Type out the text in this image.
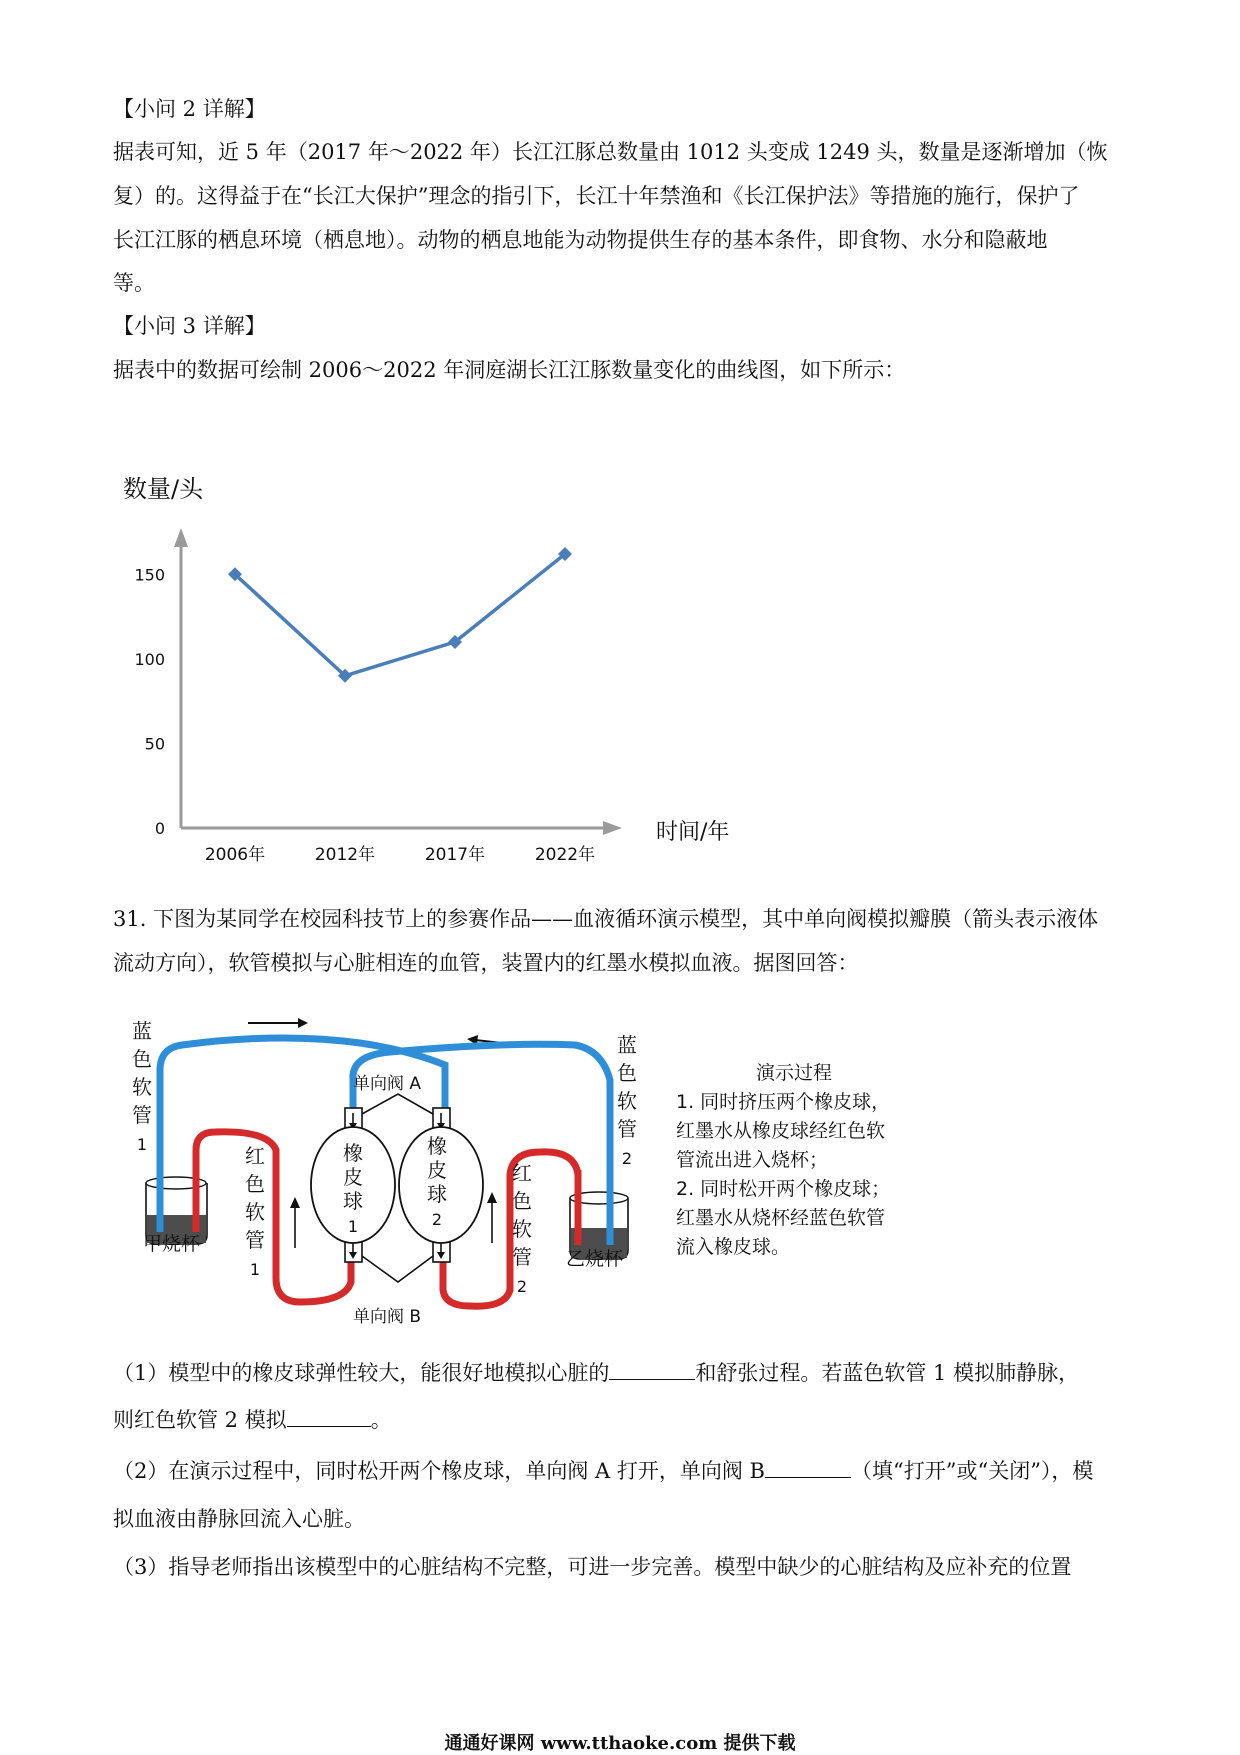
【小问 2 详解】
据表可知，近 5 年（2017 年～2022 年）长江江豚总数量由 1012 头变成 1249 头，数量是逐渐增加（恢
复）的。这得益于在“长江大保护”理念的指引下，长江十年禁渔和《长江保护法》等措施的施行，保护了
长江江豚的栖息环境（栖息地）。动物的栖息地能为动物提供生存的基本条件，即食物、水分和隐蔽地
等。
【小问 3 详解】
据表中的数据可绘制 2006～2022 年洞庭湖长江江豚数量变化的曲线图，如下所示：
数量/头
时间/年
0
50
100
150
2006年	2012年	2017年	2022年
31. 下图为某同学在校园科技节上的参赛作品——血液循环演示模型，其中单向阀模拟瓣膜（箭头表示液体
流动方向），软管模拟与心脏相连的血管，装置内的红墨水模拟血液。据图回答：
蓝
色
软
管
1
蓝
色
软
管
2
红
色
软
管
1
红
色
软
管
2
橡
皮
球
1
橡
皮
球
2
单向阀 A
单向阀 B
甲烧杯
乙烧杯
演示过程
1. 同时挤压两个橡皮球，
红墨水从橡皮球经红色软
管流出进入烧杯；
2. 同时松开两个橡皮球；
红墨水从烧杯经蓝色软管
流入橡皮球。
（1）模型中的橡皮球弹性较大，能很好地模拟心脏的	和舒张过程。若蓝色软管 1 模拟肺静脉，
则红色软管 2 模拟	。
（2）在演示过程中，同时松开两个橡皮球，单向阀 A 打开，单向阀 B	（填“打开”或“关闭”），模
拟血液由静脉回流入心脏。
（3）指导老师指出该模型中的心脏结构不完整，可进一步完善。模型中缺少的心脏结构及应补充的位置
通通好课网 www.tthaoke.com 提供下载
